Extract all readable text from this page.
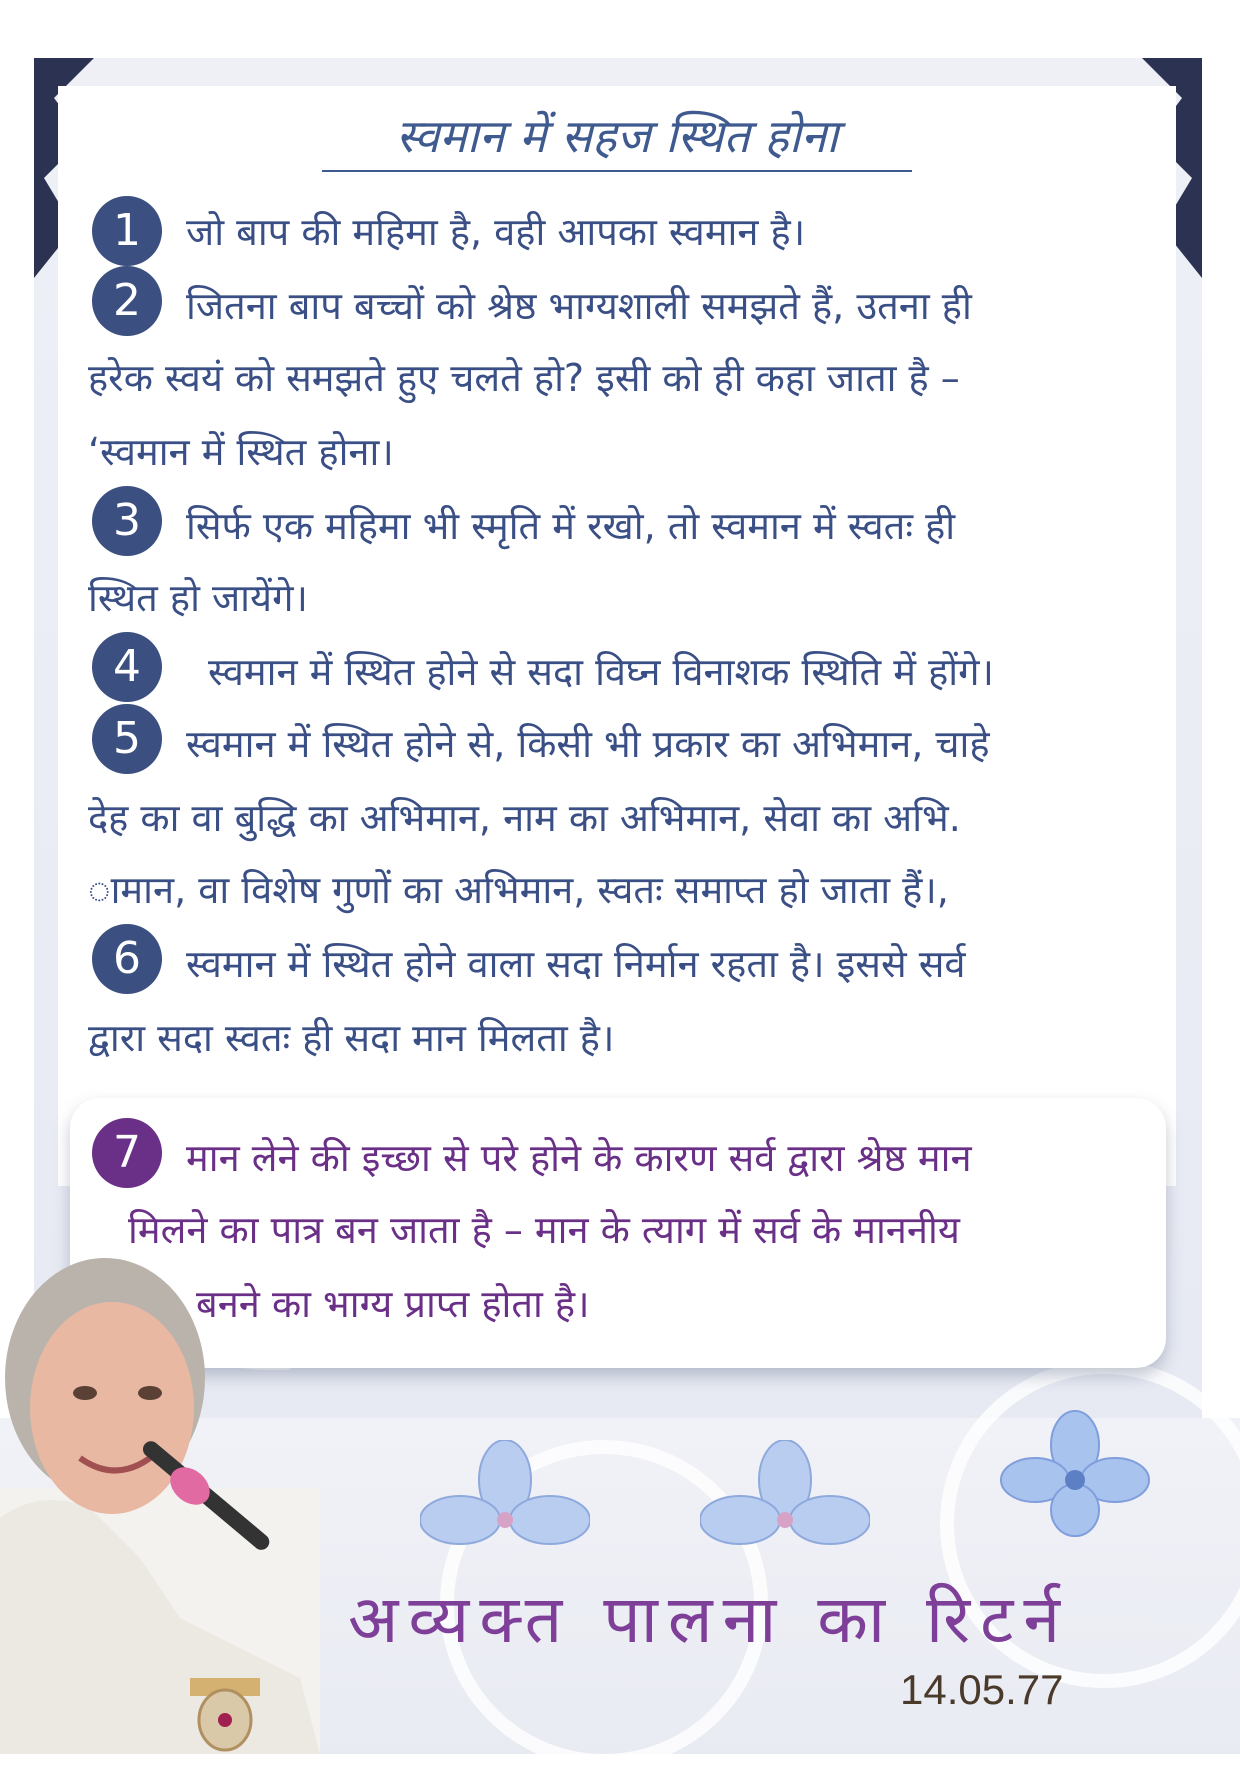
स्वमान में सहज स्थित होना
1	जो बाप की महिमा है, वही आपका स्वमान है।
2	जितना बाप बच्चों को श्रेष्ठ भाग्यशाली समझते हैं, उतना ही
हरेक स्वयं को समझते हुए चलते हो? इसी को ही कहा जाता है –
‘स्वमान में स्थित होना।
3	सिर्फ एक महिमा भी स्मृति में रखो, तो स्वमान में स्वतः ही
स्थित हो जायेंगे।
4	स्वमान में स्थित होने से सदा विघ्न विनाशक स्थिति में होंगे।
5	स्वमान में स्थित होने से, किसी भी प्रकार का अभिमान, चाहे
देह का वा बुद्धि का अभिमान, नाम का अभिमान, सेवा का अभि.
ामान, वा विशेष गुणों का अभिमान, स्वतः समाप्त हो जाता हैं।,
6	स्वमान में स्थित होने वाला सदा निर्मान रहता है। इससे सर्व
द्वारा सदा स्वतः ही सदा मान मिलता है।
7	मान लेने की इच्छा से परे होने के कारण सर्व द्वारा श्रेष्ठ मान
मिलने का पात्र बन जाता है – मान के त्याग में सर्व के माननीय
बनने का भाग्य प्राप्त होता है।
अव्यक्त पालना का रिटर्न
14.05.77
